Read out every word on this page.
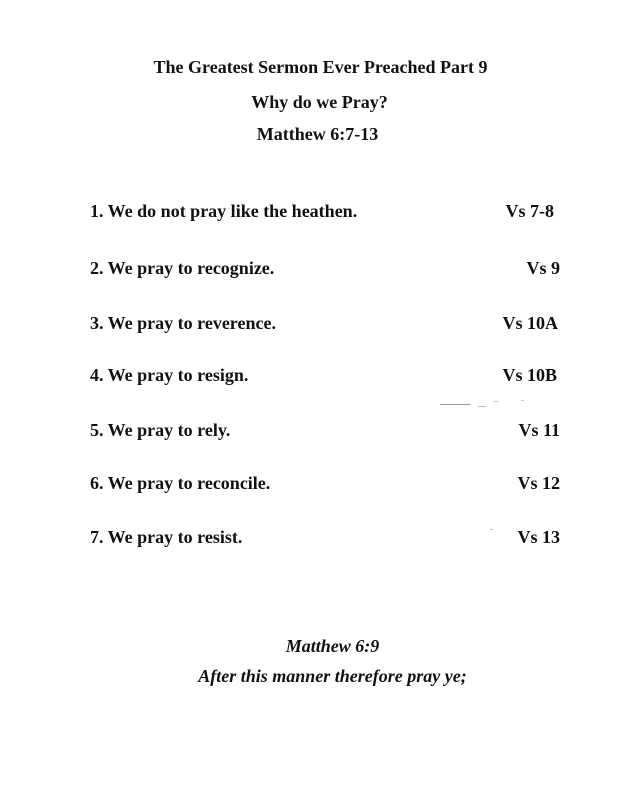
The Greatest Sermon Ever Preached Part 9
Why do we Pray?
Matthew 6:7-13
1. We do not pray like the heathen.	Vs 7-8
2. We pray to recognize.	Vs 9
3. We pray to reverence.	Vs 10A
4. We pray to resign.	Vs 10B
5. We pray to rely.	Vs 11
6. We pray to reconcile.	Vs 12
7. We pray to resist.	Vs 13
Matthew 6:9
After this manner therefore pray ye;
